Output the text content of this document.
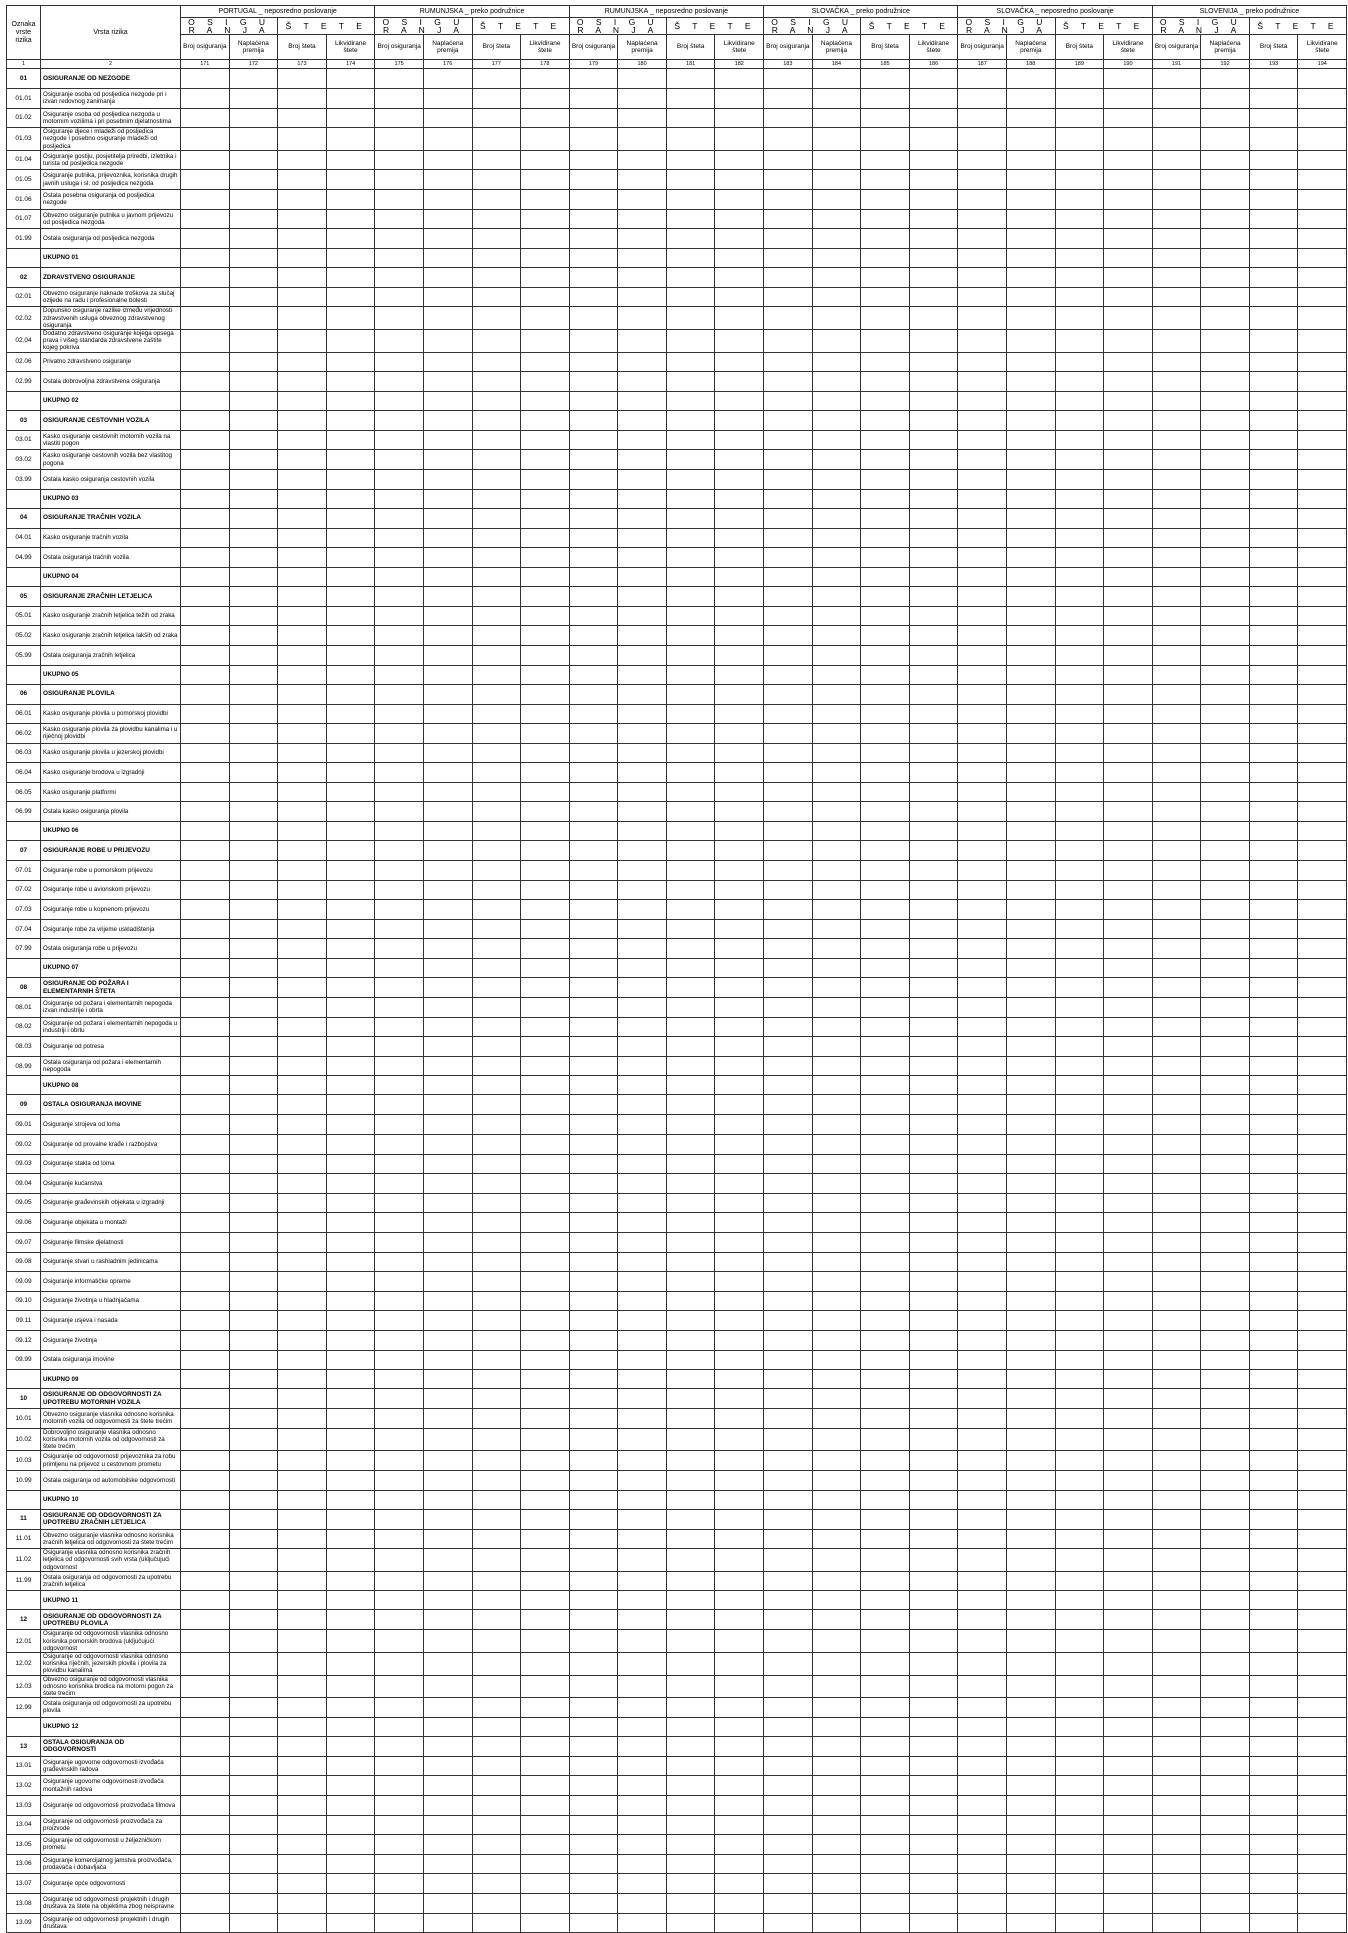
Oznaka vrste rizika	Vrsta rizika	PORTUGAL _ neposredno poslovanje				RUMUNJSKA _ preko podružnice				RUMUNJSKA _ neposredno poslovanje				SLOVAČKA _ preko podružnice				SLOVAČKA _ neposredno poslovanje				SLOVENIJA _ preko podružnice			
		O S I G U R A N J A		Š T E T E		O S I G U R A N J A		Š T E T E		O S I G U R A N J A		Š T E T E		O S I G U R A N J A		Š T E T E		O S I G U R A N J A		Š T E T E		O S I G U R A N J A		Š T E T E	
		Broj osiguranja	Naplaćena premija	Broj šteta	Likvidirane štete	Broj osiguranja	Naplaćena premija	Broj šteta	Likvidirane štete	Broj osiguranja	Naplaćena premija	Broj šteta	Likvidirane štete	Broj osiguranja	Naplaćena premija	Broj šteta	Likvidirane štete	Broj osiguranja	Naplaćena premija	Broj šteta	Likvidirane štete	Broj osiguranja	Naplaćena premija	Broj šteta	Likvidirane štete
1	2	171	172	173	174	175	176	177	178	179	180	181	182	183	184	185	186	187	188	189	190	191	192	193	194
01	OSIGURANJE OD NEZGODE																								
01.01	Osiguranje osoba od posljedica nezgode pri i izvan redovnog zanimanja																								
01.02	Osiguranje osoba od posljedica nezgoda u motornim vozilima i pri posebnim djelatnostima																								
01.03	Osiguranje djece i mladeži od posljedica nezgode i posebno osiguranje mladeži od posljedica																								
01.04	Osiguranje gostiju, posjetitelja priredbi, izletnika i turista od posljedica nezgode																								
01.05	Osiguranje putnika, prijevoznika, korisnika drugih javnih usluga i sl. od posljedica nezgoda																								
01.06	Ostala posebna osiguranja od posljedica nezgode																								
01.07	Obvezno osiguranje putnika u javnom prijevozu od posljedica nezgoda																								
01.99	Ostala osiguranja od posljedica nezgoda																								
	UKUPNO 01																								
02	ZDRAVSTVENO OSIGURANJE																								
02.01	Obvezno osiguranje naknade troškova za slučaj ozljede na radu i profesionalne bolesti																								
02.02	Dopunsko osiguranje razlike između vrijednosti zdravstvenih usluga obveznog zdravstvenog osiguranja																								
02.04	Dodatno zdravstveno osiguranje kojega opsega prava i višeg standarda zdravstvene zaštite kojeg pokriva																								
02.06	Privatno zdravstveno osiguranje																								
02.99	Ostala dobrovoljna zdravstvena osiguranja																								
	UKUPNO 02																								
03	OSIGURANJE CESTOVNIH VOZILA																								
03.01	Kasko osiguranje cestovnih motornih vozila na vlastiti pogon																								
03.02	Kasko osiguranje cestovnih vozila bez vlastitog pogona																								
03.99	Ostala kasko osiguranja cestovnih vozila																								
	UKUPNO 03																								
04	OSIGURANJE TRAČNIH VOZILA																								
04.01	Kasko osiguranje tračnih vozila																								
04.99	Ostala osiguranja tračnih vozila																								
	UKUPNO 04																								
05	OSIGURANJE ZRAČNIH LETJELICA																								
05.01	Kasko osiguranje zračnih letjelica težih od zraka																								
05.02	Kasko osiguranje zračnih letjelica lakših od zraka																								
05.99	Ostala osiguranja zračnih letjelica																								
	UKUPNO 05																								
06	OSIGURANJE PLOVILA																								
06.01	Kasko osiguranje plovila u pomorskoj plovidbi																								
06.02	Kasko osiguranje plovila za plovidbu kanalima i u riječnoj plovidbi																								
06.03	Kasko osiguranje plovila u jezerskoj plovidbi																								
06.04	Kasko osiguranje brodova u izgradnji																								
06.05	Kasko osiguranje platformi																								
06.99	Ostala kasko osiguranja plovila																								
	UKUPNO 06																								
07	OSIGURANJE ROBE U PRIJEVOZU																								
07.01	Osiguranje robe u pomorskom prijevozu																								
07.02	Osiguranje robe u avionskom prijevozu																								
07.03	Osiguranje robe u kopnenom prijevozu																								
07.04	Osiguranje robe za vrijeme uskladištenja																								
07.99	Ostala osiguranja robe u prijevozu																								
	UKUPNO 07																								
08	OSIGURANJE OD POŽARA I ELEMENTARNIH ŠTETA																								
08.01	Osiguranje od požara i elementarnih nepogoda izvan industrije i obrta																								
08.02	Osiguranje od požara i elementarnih nepogoda u industriji i obrtu																								
08.03	Osiguranje od potresa																								
08.99	Ostala osiguranja od požara i elementarnih nepogoda																								
	UKUPNO 08																								
09	OSTALA OSIGURANJA IMOVINE																								
09.01	Osiguranje strojeva od loma																								
09.02	Osiguranje od provalne krađe i razbojstva																								
09.03	Osiguranje stakla od loma																								
09.04	Osiguranje kućanstva																								
09.05	Osiguranje građevinskih objekata u izgradnji																								
09.06	Osiguranje objekata u montaži																								
09.07	Osiguranje filmske djelatnosti																								
09.08	Osiguranje stvari u rashladnim jedinicama																								
09.09	Osiguranje informatičke opreme																								
09.10	Osiguranje životinja u hladnjačama																								
09.11	Osiguranje usjeva i nasada																								
09.12	Osiguranje životinja																								
09.99	Ostala osiguranja imovine																								
	UKUPNO 09																								
10	OSIGURANJE OD ODGOVORNOSTI ZA UPOTREBU MOTORNIH VOZILA																								
10.01	Obvezno osiguranje vlasnika odnosno korisnika motornih vozila od odgovornosti za štete trećim																								
10.02	Dobrovoljno osiguranje vlasnika odnosno korisnika motornih vozila od odgovornosti za štete trećim																								
10.03	Osiguranje od odgovornosti prijevoznika za robu primljenu na prijevoz u cestovnom prometu																								
10.99	Ostala osiguranja od automobilske odgovornosti																								
	UKUPNO 10																								
11	OSIGURANJE OD ODGOVORNOSTI ZA UPOTREBU ZRAČNIH LETJELICA																								
11.01	Obvezno osiguranje vlasnika odnosno korisnika zračnih letjelica od odgovornosti za štete trećim																								
11.02	Osiguranje vlasnika odnosno korisnika zračnih letjelica od odgovornosti svih vrsta (uključujući odgovornost																								
11.99	Ostala osiguranja od odgovornosti za upotrebu zračnih letjelica																								
	UKUPNO 11																								
12	OSIGURANJE OD ODGOVORNOSTI ZA UPOTREBU PLOVILA																								
12.01	Osiguranje od odgovornosti vlasnika odnosno korisnika pomorskih brodova (uključujući odgovornost																								
12.02	Osiguranje od odgovornosti vlasnika odnosno korisnika riječnih, jezerskih plovila i plovila za plovidbu kanalima																								
12.03	Obvezno osiguranje od odgovornosti vlasnika odnosno korisnika brodica na motorni pogon za štete trećim																								
12.99	Ostala osiguranja od odgovornosti za upotrebu plovila																								
	UKUPNO 12																								
13	OSTALA OSIGURANJA OD ODGOVORNOSTI																								
13.01	Osiguranje ugovorne odgovornosti izvođača građevinskih radova																								
13.02	Osiguranje ugovorne odgovornosti izvođača montažnih radova																								
13.03	Osiguranje od odgovornosti proizvođača filmova																								
13.04	Osiguranje od odgovornosti proizvođača za proizvode																								
13.05	Osiguranje od odgovornosti u željezničkom prometu																								
13.06	Osiguranje komercijalnog jamstva proizvođača, prodavača i dobavljača																								
13.07	Osiguranje opće odgovornosti																								
13.08	Osiguranje od odgovornosti projektnih i drugih društava za štete na objektima zbog neispravne																								
13.09	Osiguranje od odgovornosti projektnih i drugih društava																								
